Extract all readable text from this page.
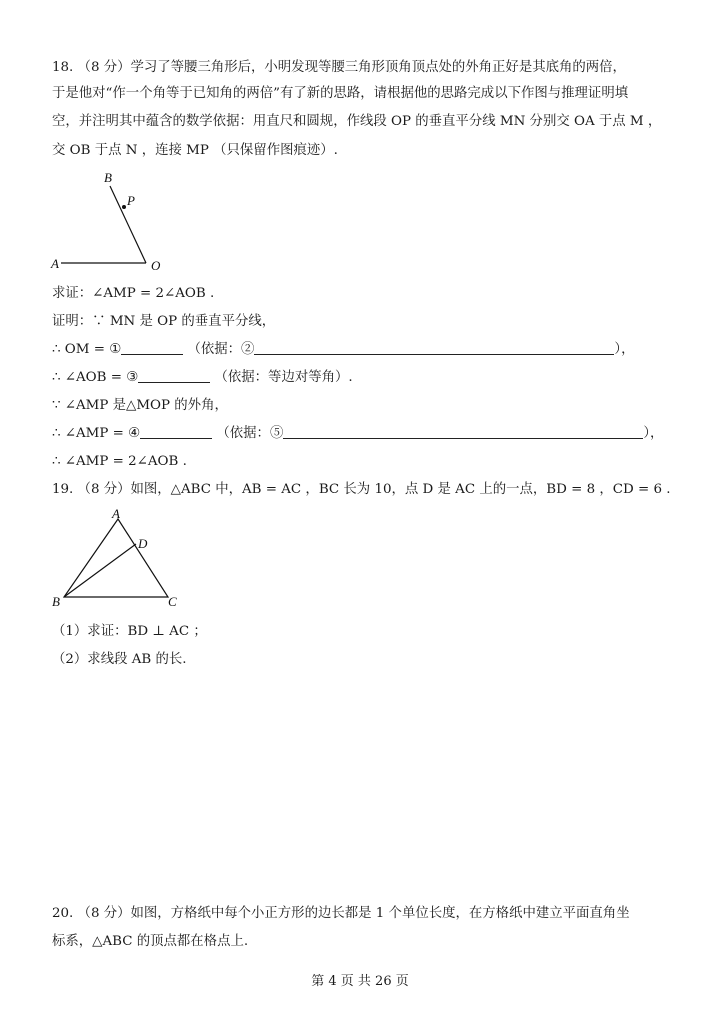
18. （8 分）学习了等腰三角形后，小明发现等腰三角形顶角顶点处的外角正好是其底角的两倍，
于是他对“作一个角等于已知角的两倍”有了新的思路，请根据他的思路完成以下作图与推理证明填
空，并注明其中蕴含的数学依据：用直尺和圆规，作线段 OP 的垂直平分线 MN 分别交 OA 于点 M ，
交 OB 于点 N ，连接 MP （只保留作图痕迹）.
B
P
A	O
求证：∠AMP = 2∠AOB .
证明：∵ MN 是 OP 的垂直平分线，
∴ OM = ①	（依据：②	），
∴ ∠AOB = ③	（依据：等边对等角）.
∵ ∠AMP 是△MOP 的外角，
∴ ∠AMP = ④	（依据：⑤	），
∴ ∠AMP = 2∠AOB .
19. （8 分）如图，△ABC 中，AB = AC ，BC 长为 10，点 D 是 AC 上的一点，BD = 8 ，CD = 6 .
A
D
B	C
（1）求证：BD ⊥ AC ；
（2）求线段 AB 的长.
20. （8 分）如图，方格纸中每个小正方形的边长都是 1 个单位长度，在方格纸中建立平面直角坐
标系，△ABC 的顶点都在格点上.
第 4 页 共 26 页
